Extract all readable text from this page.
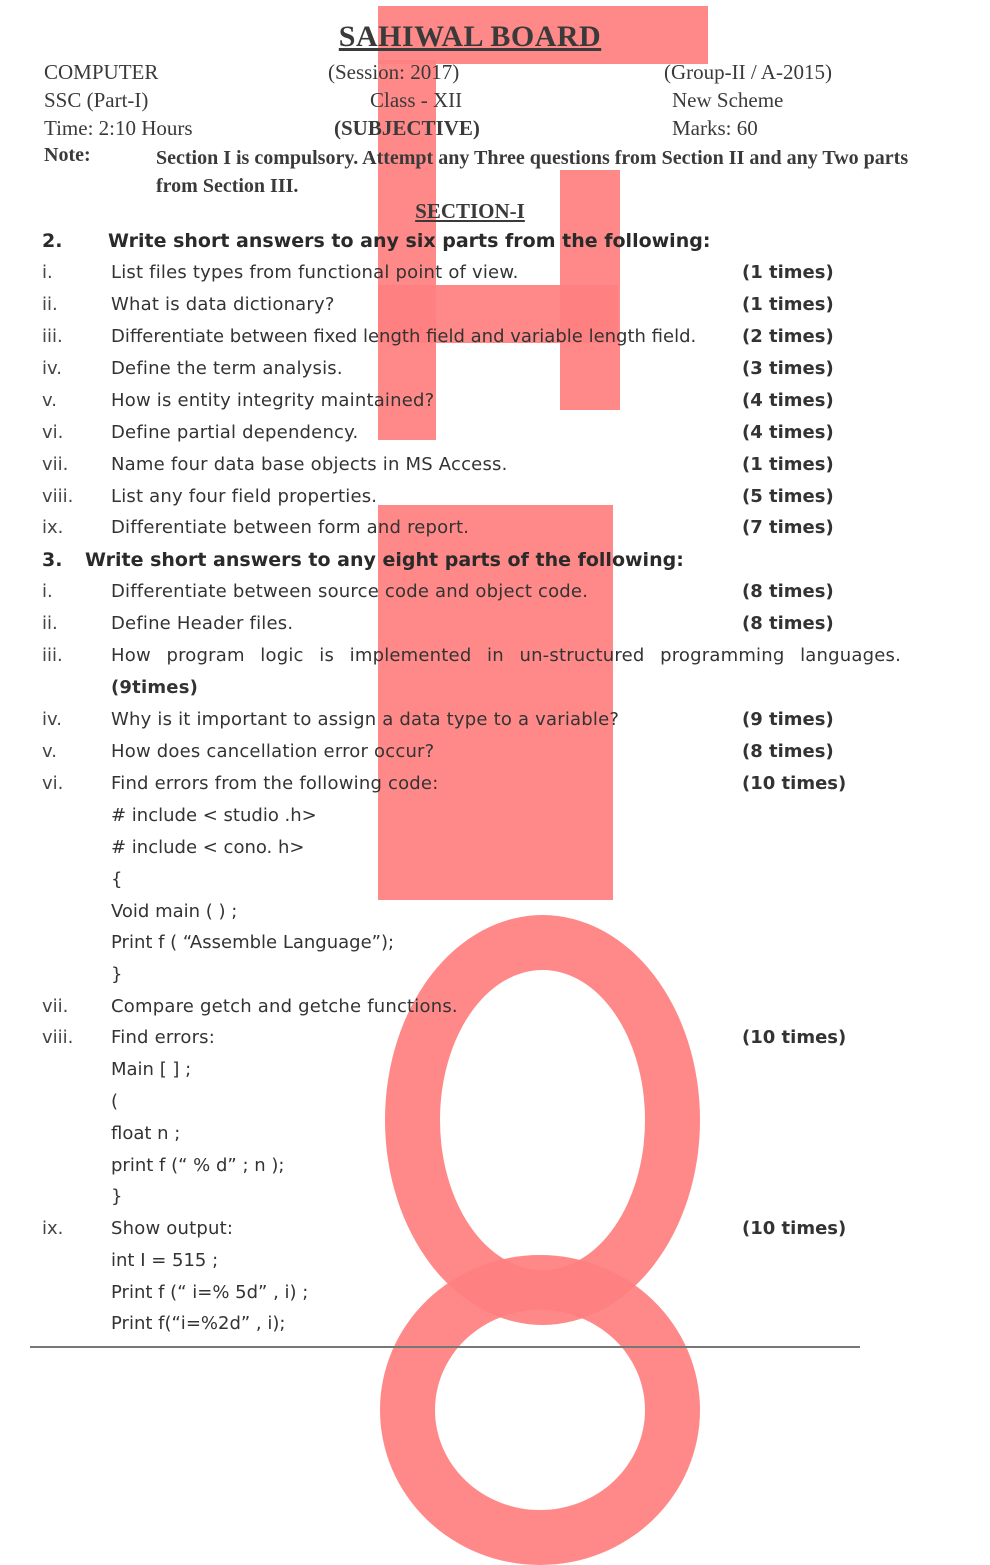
SAHIWAL BOARD
COMPUTER	(Session: 2017)	(Group-II / A-2015)
SSC (Part-I)	Class - XII	New Scheme
Time: 2:10 Hours	(SUBJECTIVE)	Marks: 60
Note:	Section I is compulsory. Attempt any Three questions from Section II and any Two parts from Section III.
SECTION-I
2. Write short answers to any six parts from the following:
i.	List files types from functional point of view.	(1 times)
ii.	What is data dictionary?	(1 times)
iii.	Differentiate between fixed length field and variable length field.	(2 times)
iv.	Define the term analysis.	(3 times)
v.	How is entity integrity maintained?	(4 times)
vi.	Define partial dependency.	(4 times)
vii. Name four data base objects in MS Access.	(1 times)
viii. List any four field properties.	(5 times)
ix.	Differentiate between form and report.	(7 times)
3. Write short answers to any eight parts of the following:
i.	Differentiate between source code and object code.	(8 times)
ii.	Define Header files.	(8 times)
iii.	How program logic is implemented in un-structured programming languages.
(9times)
iv.	Why is it important to assign a data type to a variable?	(9 times)
v.	How does cancellation error occur?	(8 times)
vi.	Find errors from the following code:	(10 times)
# include < studio .h>
# include < cono. h>
{
Void main ( ) ;
Print f ( “Assemble Language”);
}
vii. Compare getch and getche functions.
viii. Find errors:	(10 times)
Main [ ] ;
(
float n ;
print f (“ % d” ; n );
}
ix.	Show output:	(10 times)
int I = 515 ;
Print f (“ i=% 5d” , i) ;
Print f(“i=%2d” , i);
